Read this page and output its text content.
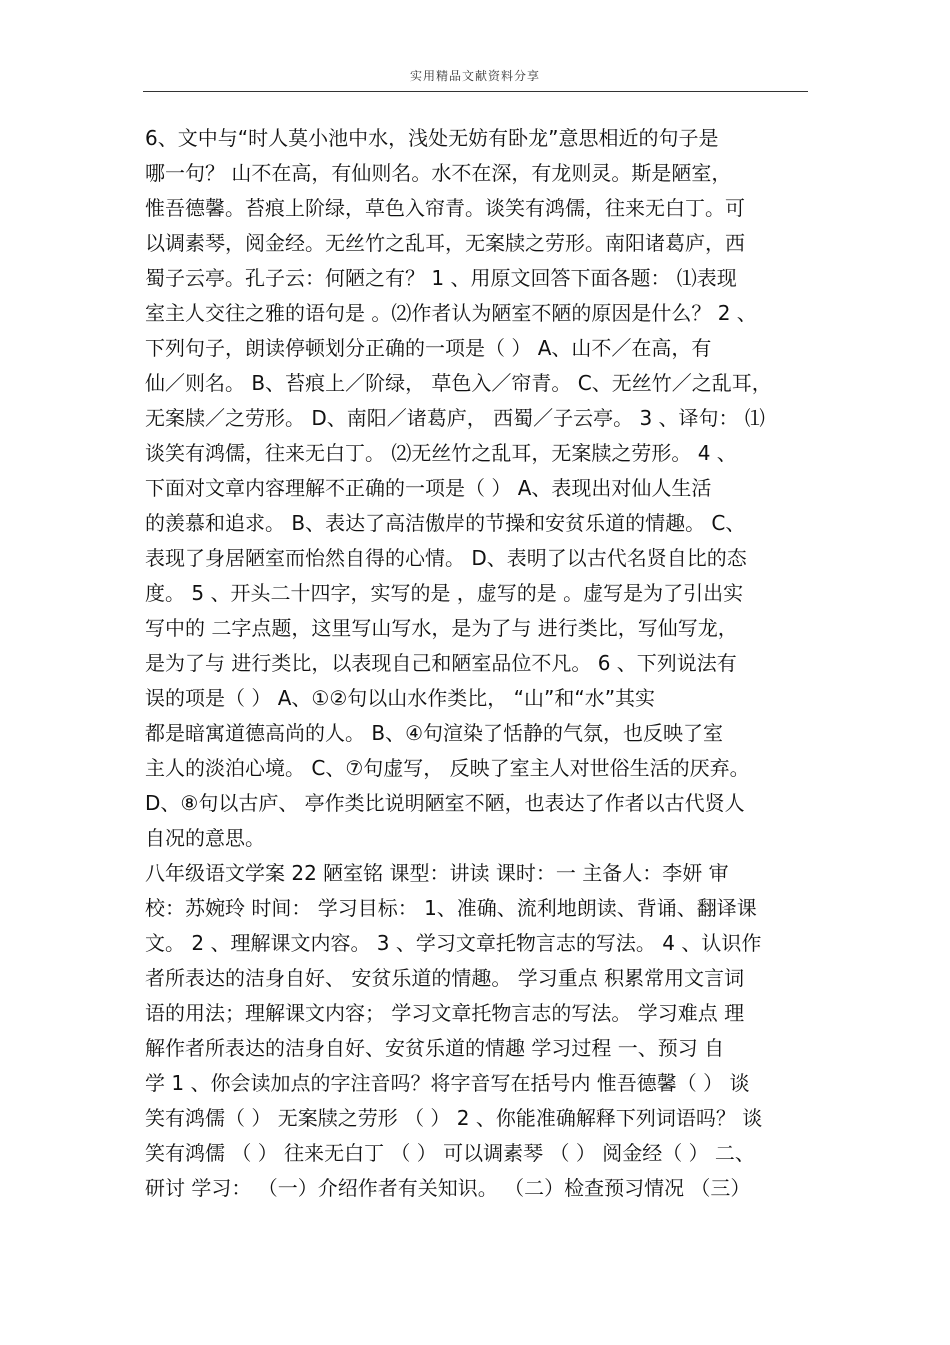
实用精品文献资料分享
6、文中与“时人莫小池中水，浅处无妨有卧龙”意思相近的句子是
哪一句？ 山不在高，有仙则名。水不在深，有龙则灵。斯是陋室，
惟吾德馨。苔痕上阶绿，草色入帘青。谈笑有鸿儒，往来无白丁。可
以调素琴，阅金经。无丝竹之乱耳，无案牍之劳形。南阳诸葛庐，西
蜀子云亭。孔子云：何陋之有？ 1 、用原文回答下面各题： ⑴表现
室主人交往之雅的语句是 。⑵作者认为陋室不陋的原因是什么？ 2 、
下列句子，朗读停顿划分正确的一项是（ ） A、山不／在高，有
仙／则名。 B、苔痕上／阶绿， 草色入／帘青。 C、无丝竹／之乱耳，
无案牍／之劳形。 D、南阳／诸葛庐， 西蜀／子云亭。 3 、译句： ⑴
谈笑有鸿儒，往来无白丁。 ⑵无丝竹之乱耳，无案牍之劳形。 4 、
下面对文章内容理解不正确的一项是（ ） A、表现出对仙人生活
的羡慕和追求。 B、表达了高洁傲岸的节操和安贫乐道的情趣。 C、
表现了身居陋室而怡然自得的心情。 D、表明了以古代名贤自比的态
度。 5 、开头二十四字，实写的是 ，虚写的是 。虚写是为了引出实
写中的 二字点题，这里写山写水，是为了与 进行类比，写仙写龙，
是为了与 进行类比，以表现自己和陋室品位不凡。 6 、下列说法有
误的项是（ ） A、①②句以山水作类比， “山”和“水”其实
都是暗寓道德高尚的人。 B、④句渲染了恬静的气氛，也反映了室
主人的淡泊心境。 C、⑦句虚写， 反映了室主人对世俗生活的厌弃。
D、⑧句以古庐、 亭作类比说明陋室不陋，也表达了作者以古代贤人
自况的意思。
八年级语文学案 22 陋室铭 课型：讲读 课时：一 主备人：李妍 审
校：苏婉玲 时间： 学习目标： 1、准确、流利地朗读、背诵、翻译课
文。 2 、理解课文内容。 3 、学习文章托物言志的写法。 4 、认识作
者所表达的洁身自好、 安贫乐道的情趣。 学习重点 积累常用文言词
语的用法；理解课文内容； 学习文章托物言志的写法。 学习难点 理
解作者所表达的洁身自好、安贫乐道的情趣 学习过程 一、预习 自
学 1 、你会读加点的字注音吗？将字音写在括号内 惟吾德馨（ ） 谈
笑有鸿儒（ ） 无案牍之劳形 （ ） 2 、你能准确解释下列词语吗？ 谈
笑有鸿儒 （ ） 往来无白丁 （ ） 可以调素琴 （ ） 阅金经（ ） 二、
研讨 学习： （一）介绍作者有关知识。 （二）检查预习情况 （三）
